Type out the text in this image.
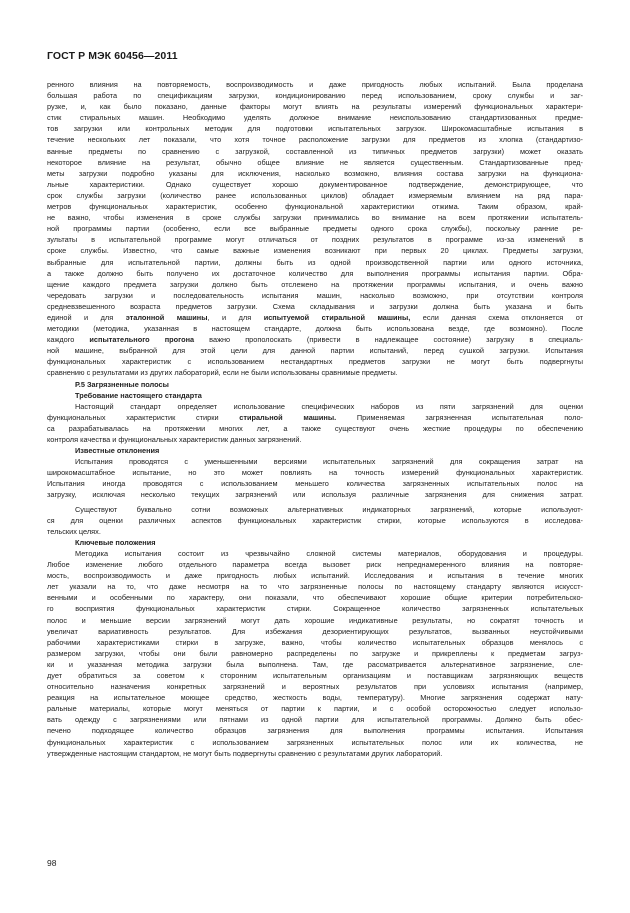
ГОСТ Р МЭК 60456—2011

ренного влияния на повторяемость, воспроизводимость и даже пригодность любых испытаний. Была проделана

большая работа по спецификациям загрузки, кондиционированию перед использованием, сроку службы и заг-

рузке, и, как было показано, данные факторы могут влиять на результаты измерений функциональных характери-

стик стиральных машин. Необходимо уделять должное внимание неиспользованию стандартизованных предме-

тов загрузки или контрольных методик для подготовки испытательных загрузок. Широкомасштабные испытания в

течение нескольких лет показали, что хотя точное расположение загрузки для предметов из хлопка (стандартизо-

ванные предметы по сравнению с загрузкой, составленной из типичных предметов загрузки) может оказать

некоторое влияние на результат, обычно общее влияние не является существенным. Стандартизованные пред-

меты загрузки подробно указаны для исключения, насколько возможно, влияния состава загрузки на функциона-

льные характеристики. Однако существует хорошо документированное подтверждение, демонстрирующее, что

срок службы загрузки (количество ранее использованных циклов) обладает измеряемым влиянием на ряд пара-

метров функциональных характеристик, особенно функциональной характеристики отжима. Таким образом, край-

не важно, чтобы изменения в сроке службы загрузки принимались во внимание на всем протяжении испытатель-

ной программы партии (особенно, если все выбранные предметы одного срока службы), поскольку ранние ре-

зультаты в испытательной программе могут отличаться от поздних результатов в программе из-за изменений в

сроке службы. Известно, что самые важные изменения возникают при первых 20 циклах. Предметы загрузки,

выбранные для испытательной партии, должны быть из одной производственной партии или одного источника,

а также должно быть получено их достаточное количество для выполнения программы испытания партии. Обра-

щение каждого предмета загрузки должно быть отслежено на протяжении программы испытания, и очень важно

чередовать загрузки и последовательность испытания машин, насколько возможно, при отсутствии контроля

средневзвешенного возраста предметов загрузки. Схема складывания и загрузки должна быть указана и быть

единой и для эталонной машины, и для испытуемой стиральной машины, если данная схема отклоняется от

методики (методика, указанная в настоящем стандарте, должна быть использована везде, где возможно). После

каждого испытательного прогона важно прополоскать (привести в надлежащее состояние) загрузку в специаль-

ной машине, выбранной для этой цели для данной партии испытаний, перед сушкой загрузки. Испытания

функциональных характеристик с использованием нестандартных предметов загрузки не могут быть подвергнуты

сравнению с результатами из других лабораторий, если не были использованы сравнимые предметы.

Р.5 Загрязненные полосы

Требование настоящего стандарта

Настоящий стандарт определяет использование специфических наборов из пяти загрязнений для оценки

функциональных характеристик стирки стиральной машины. Применяемая загрязненная испытательная поло-

са разрабатывалась на протяжении многих лет, а также существуют очень жесткие процедуры по обеспечению

контроля качества и функциональных характеристик данных загрязнений.

Известные отклонения

Испытания проводятся с уменьшенными версиями испытательных загрязнений для сокращения затрат на

широкомасштабное испытание, но это может повлиять на точность измерений функциональных характеристик.

Испытания иногда проводятся с использованием меньшего количества загрязненных испытательных полос на

загрузку, исключая несколько текущих загрязнений или используя различные загрязнения для снижения затрат.

Существуют буквально сотни возможных альтернативных индикаторных загрязнений, которые используют-

ся для оценки различных аспектов функциональных характеристик стирки, которые используются в исследова-

тельских целях.

Ключевые положения

Методика испытания состоит из чрезвычайно сложной системы материалов, оборудования и процедуры.

Любое изменение любого отдельного параметра всегда вызовет риск непреднамеренного влияния на повторяе-

мость, воспроизводимость и даже пригодность любых испытаний. Исследования и испытания в течение многих

лет указали на то, что даже несмотря на то что загрязненные полосы по настоящему стандарту являются искусст-

венными и особенными по характеру, они показали, что обеспечивают хорошие общие критерии потребительско-

го восприятия функциональных характеристик стирки. Сокращенное количество загрязненных испытательных

полос и меньшие версии загрязнений могут дать хорошие индикативные результаты, но сократят точность и

увеличат вариативность результатов. Для избежания дезориентирующих результатов, вызванных неустойчивыми

рабочими характеристиками стирки в загрузке, важно, чтобы количество испытательных образцов менялось с

размером загрузки, чтобы они были равномерно распределены по загрузке и прикреплены к предметам загруз-

ки и указанная методика загрузки была выполнена. Там, где рассматривается альтернативное загрязнение, сле-

дует обратиться за советом к сторонним испытательным организациям и поставщикам загрязняющих веществ

относительно назначения конкретных загрязнений и вероятных результатов при условиях испытания (например,

реакция на испытательное моющее средство, жесткость воды, температуру). Многие загрязнения содержат нату-

ральные материалы, которые могут меняться от партии к партии, и с особой осторожностью следует использо-

вать одежду с загрязнениями или пятнами из одной партии для испытательной программы. Должно быть обес-

печено подходящее количество образцов загрязнения для выполнения программы испытания. Испытания

функциональных характеристик с использованием загрязненных испытательных полос или их количества, не

утвержденные настоящим стандартом, не могут быть подвергнуты сравнению с результатами других лабораторий.

98
